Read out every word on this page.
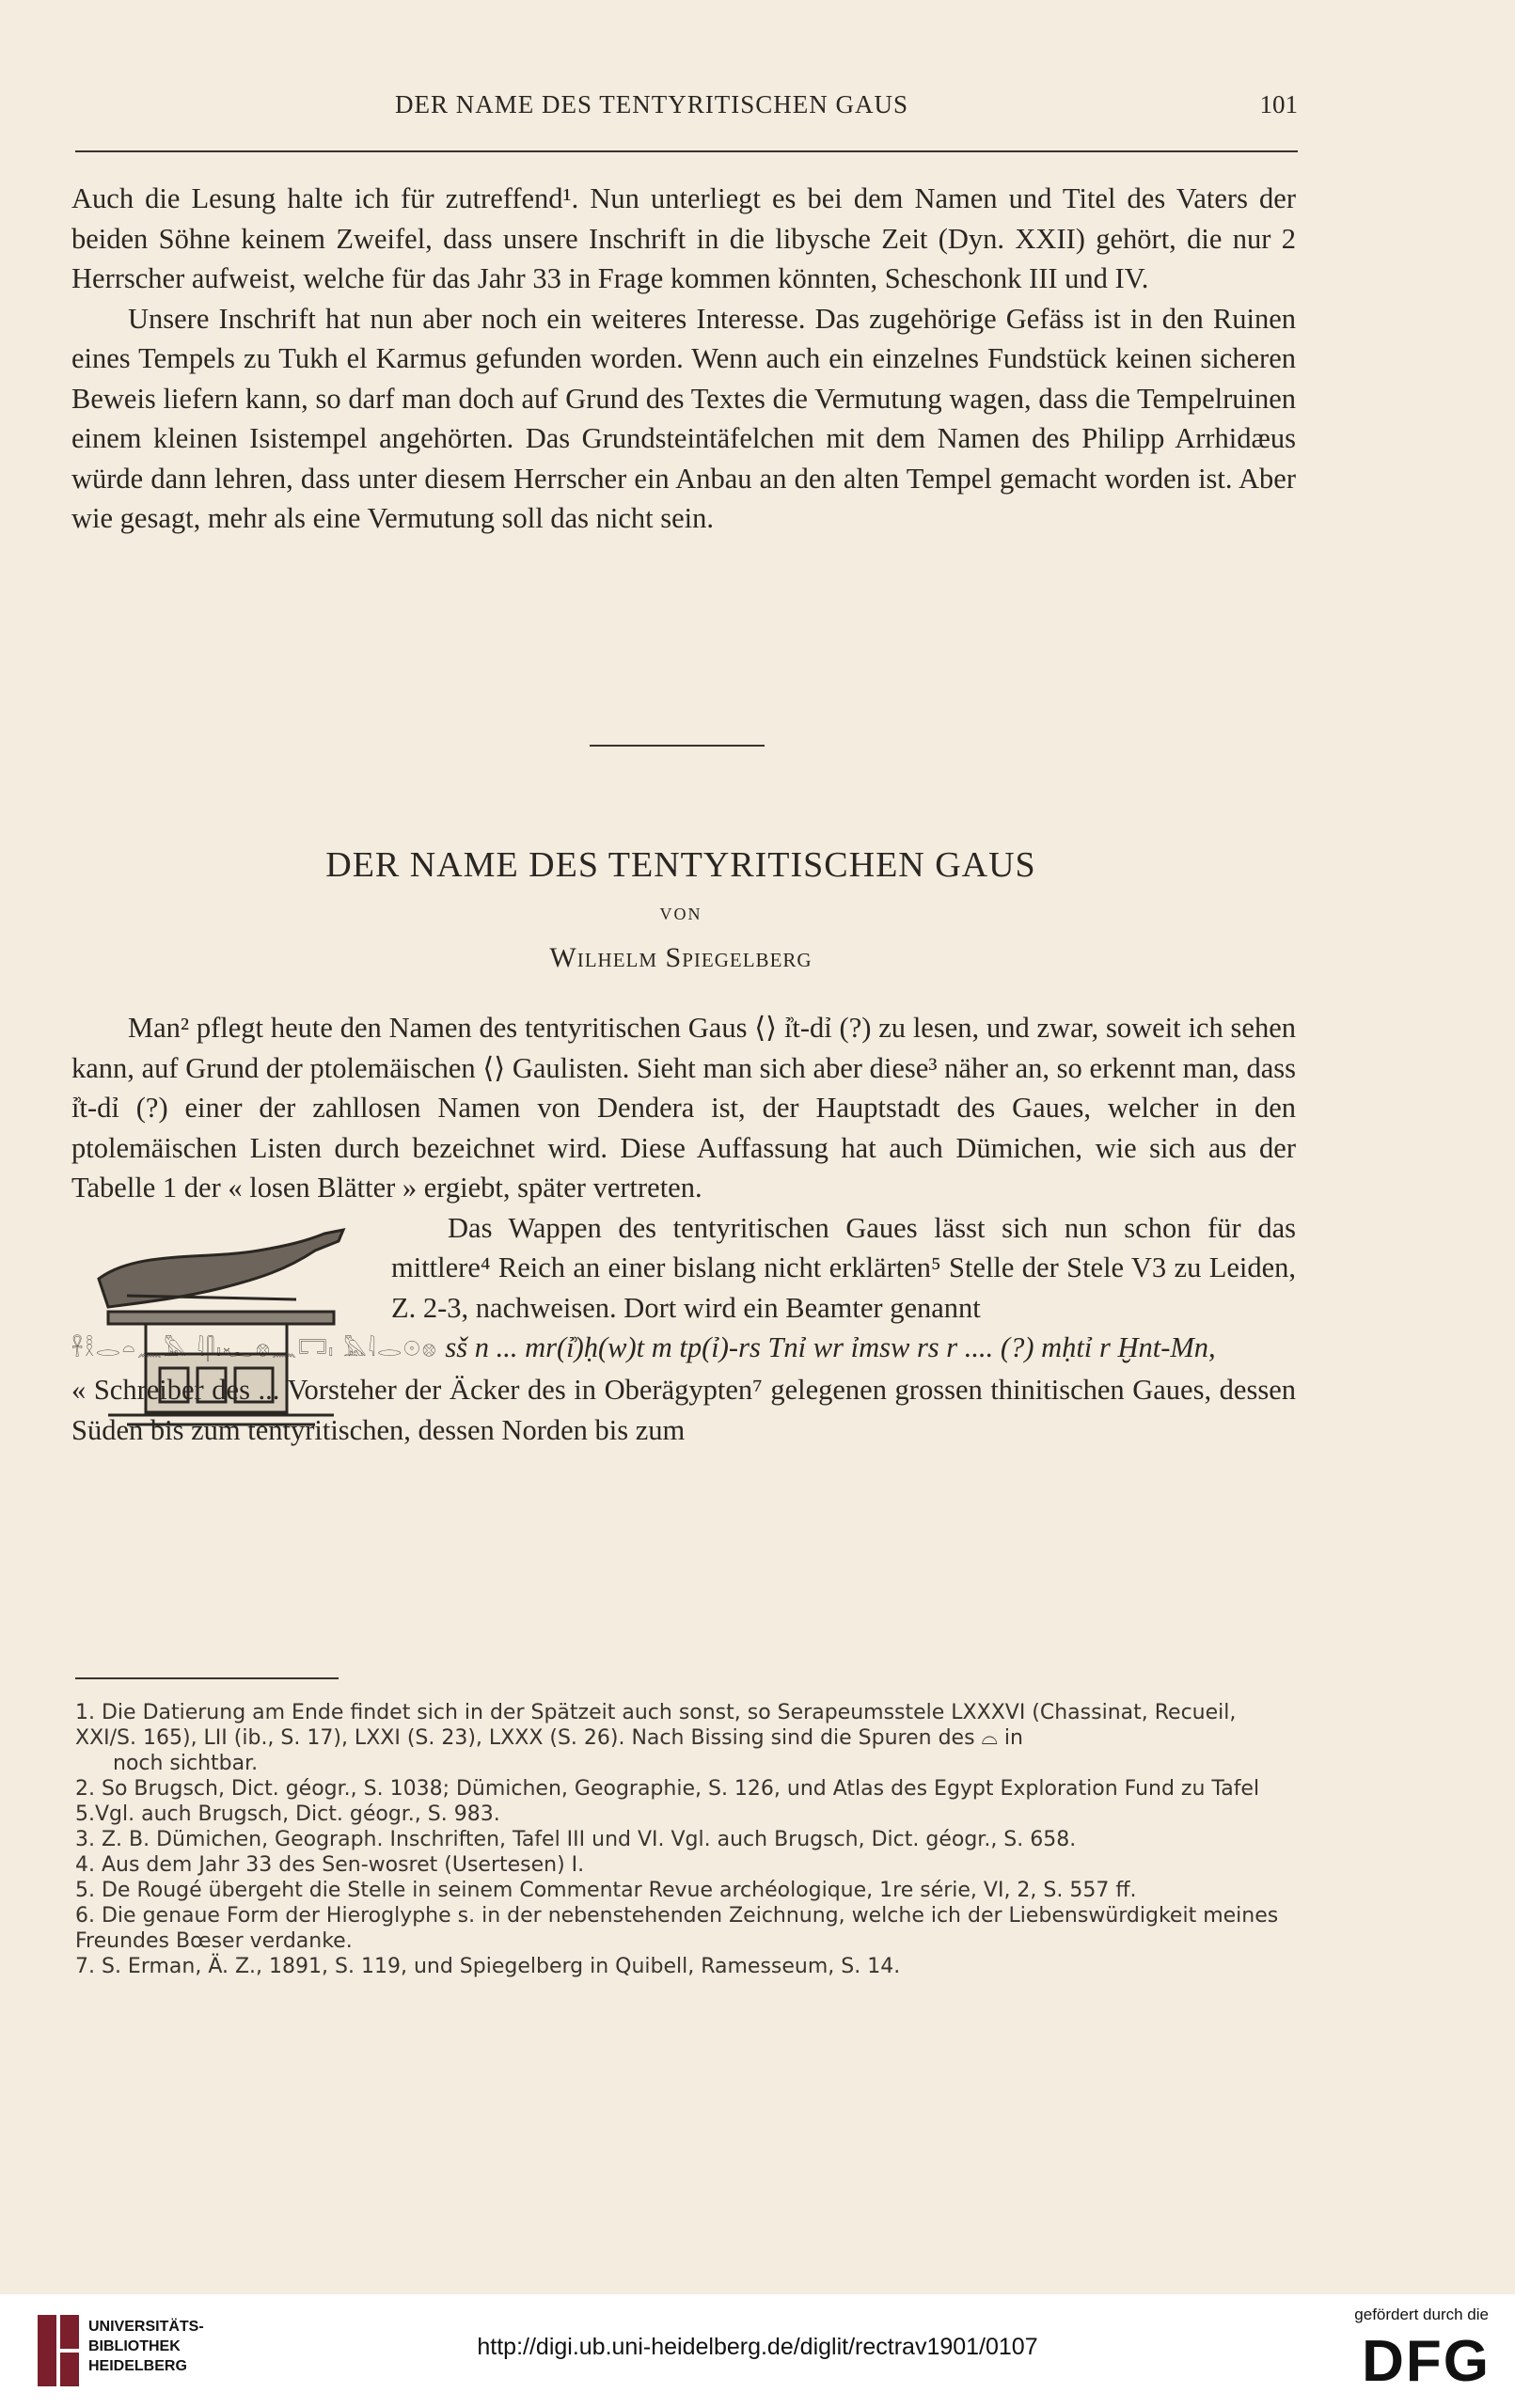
DER NAME DES TENTYRITISCHEN GAUS	101

Auch die Lesung halte ich für zutreffend¹. Nun unterliegt es bei dem Namen und Titel des Vaters der beiden Söhne keinem Zweifel, dass unsere Inschrift in die libysche Zeit (Dyn. XXII) gehört, die nur 2 Herrscher aufweist, welche für das Jahr 33 in Frage kommen könnten, Scheschonk III und IV.

Unsere Inschrift hat nun aber noch ein weiteres Interesse. Das zugehörige Gefäss ist in den Ruinen eines Tempels zu Tukh el Karmus gefunden worden. Wenn auch ein einzelnes Fundstück keinen sicheren Beweis liefern kann, so darf man doch auf Grund des Textes die Vermutung wagen, dass die Tempelruinen einem kleinen Isistempel angehörten. Das Grundsteintäfelchen mit dem Namen des Philipp Arrhidæus würde dann lehren, dass unter diesem Herrscher ein Anbau an den alten Tempel gemacht worden ist. Aber wie gesagt, mehr als eine Vermutung soll das nicht sein.

DER NAME DES TENTYRITISCHEN GAUS
VON
Wilhelm Spiegelberg

Man² pflegt heute den Namen des tentyritischen Gaus ⟨⟩ ỉ͗t-dỉ (?) zu lesen, und zwar, soweit ich sehen kann, auf Grund der ptolemäischen ⟨⟩ Gaulisten. Sieht man sich aber diese³ näher an, so erkennt man, dass ỉ͗t-dỉ (?) einer der zahllosen Namen von Dendera ist, der Hauptstadt des Gaues, welcher in den ptolemäischen Listen durch bezeichnet wird. Diese Auffassung hat auch Dümichen, wie sich aus der Tabelle 1 der « losen Blätter » ergiebt, später vertreten.

Das Wappen des tentyritischen Gaues lässt sich nun schon für das mittlere⁴ Reich an einer bislang nicht erklärten⁵ Stelle der Stele V3 zu Leiden, Z. 2-3, nachweisen. Dort wird ein Beamter genannt

𓋹𓎛𓂋𓏏𓈖𓅓 𓇋𓋴𓏤𓆑𓊖𓈖𓉐𓏤 𓅓𓇋𓂋𓇳𓊖 sš n ... mr(ỉ͗)ḥ(w)t m tp(ỉ)-rs Tnỉ wr ỉmsw rs r .... (?) mḥtỉ r Ḫnt-Mn,

« Schreiber des ... Vorsteher der Äcker des in Oberägypten⁷ gelegenen grossen thinitischen Gaues, dessen Süden bis zum tentyritischen, dessen Norden bis zum

1. Die Datierung am Ende findet sich in der Spätzeit auch sonst, so Serapeumsstele LXXXVI (Chassinat, Recueil, XXI/S. 165), LII (ib., S. 17), LXXI (S. 23), LXXX (S. 26). Nach Bissing sind die Spuren des ⌓ in
noch sichtbar.
2. So Brugsch, Dict. géogr., S. 1038; Dümichen, Geographie, S. 126, und Atlas des Egypt Exploration Fund zu Tafel 5.Vgl. auch Brugsch, Dict. géogr., S. 983.
3. Z. B. Dümichen, Geograph. Inschriften, Tafel III und VI. Vgl. auch Brugsch, Dict. géogr., S. 658.
4. Aus dem Jahr 33 des Sen-wosret (Usertesen) I.
5. De Rougé übergeht die Stelle in seinem Commentar Revue archéologique, 1re série, VI, 2, S. 557 ff.
6. Die genaue Form der Hieroglyphe s. in der nebenstehenden Zeichnung, welche ich der Liebenswürdigkeit meines Freundes Bœser verdanke.
7. S. Erman, Ä. Z., 1891, S. 119, und Spiegelberg in Quibell, Ramesseum, S. 14.
UNIVERSITÄTS-
BIBLIOTHEK
HEIDELBERG
http://digi.ub.uni-heidelberg.de/diglit/rectrav1901/0107
gefördert durch die
DFG
